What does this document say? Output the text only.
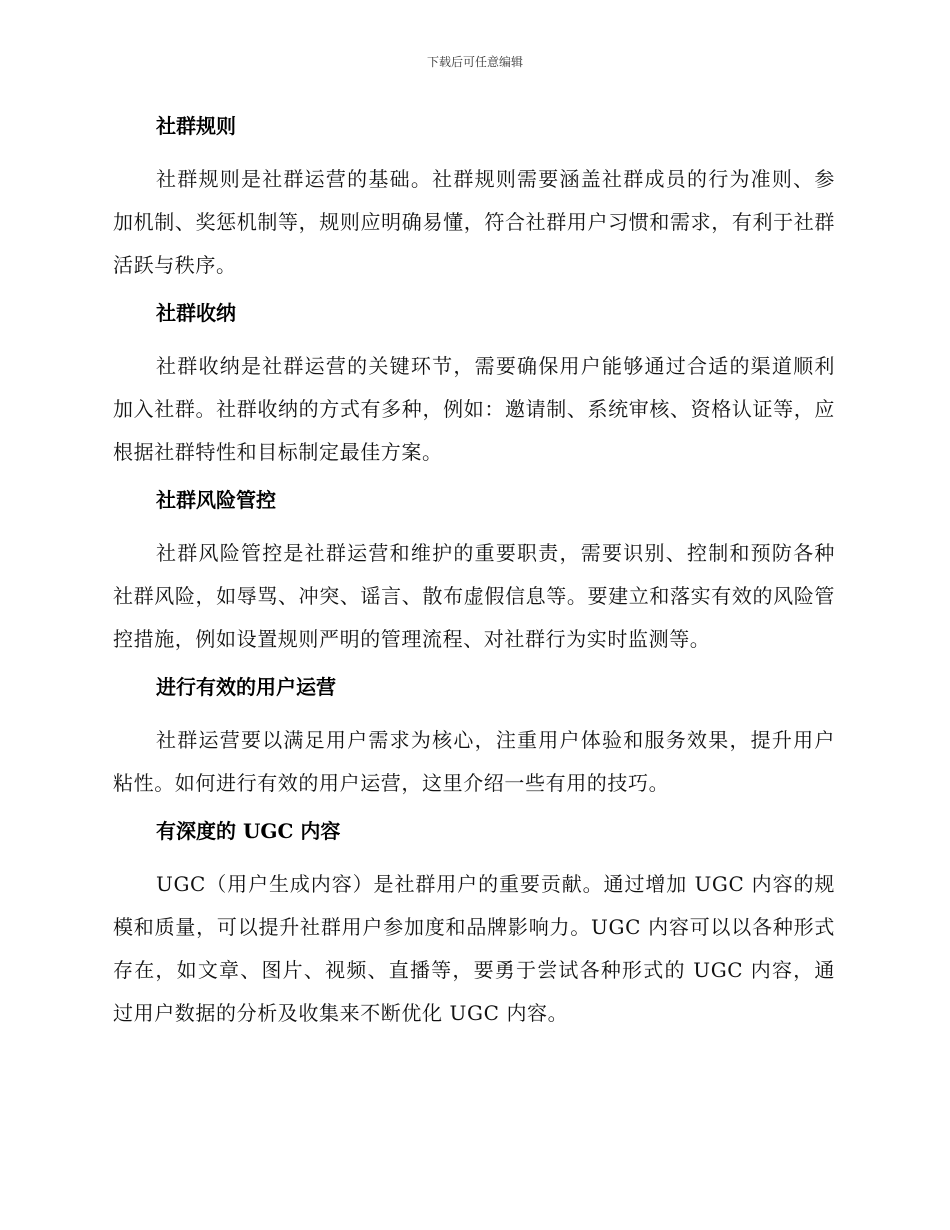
下载后可任意编辑
社群规则

社群规则是社群运营的基础。社群规则需要涵盖社群成员的行为准则、参加机制、奖惩机制等，规则应明确易懂，符合社群用户习惯和需求，有利于社群活跃与秩序。

社群收纳

社群收纳是社群运营的关键环节，需要确保用户能够通过合适的渠道顺利加入社群。社群收纳的方式有多种，例如：邀请制、系统审核、资格认证等，应根据社群特性和目标制定最佳方案。

社群风险管控

社群风险管控是社群运营和维护的重要职责，需要识别、控制和预防各种社群风险，如辱骂、冲突、谣言、散布虚假信息等。要建立和落实有效的风险管控措施，例如设置规则严明的管理流程、对社群行为实时监测等。

进行有效的用户运营

社群运营要以满足用户需求为核心，注重用户体验和服务效果，提升用户粘性。如何进行有效的用户运营，这里介绍一些有用的技巧。

有深度的 UGC 内容

UGC（用户生成内容）是社群用户的重要贡献。通过增加 UGC 内容的规模和质量，可以提升社群用户参加度和品牌影响力。UGC 内容可以以各种形式存在，如文章、图片、视频、直播等，要勇于尝试各种形式的 UGC 内容，通过用户数据的分析及收集来不断优化 UGC 内容。
